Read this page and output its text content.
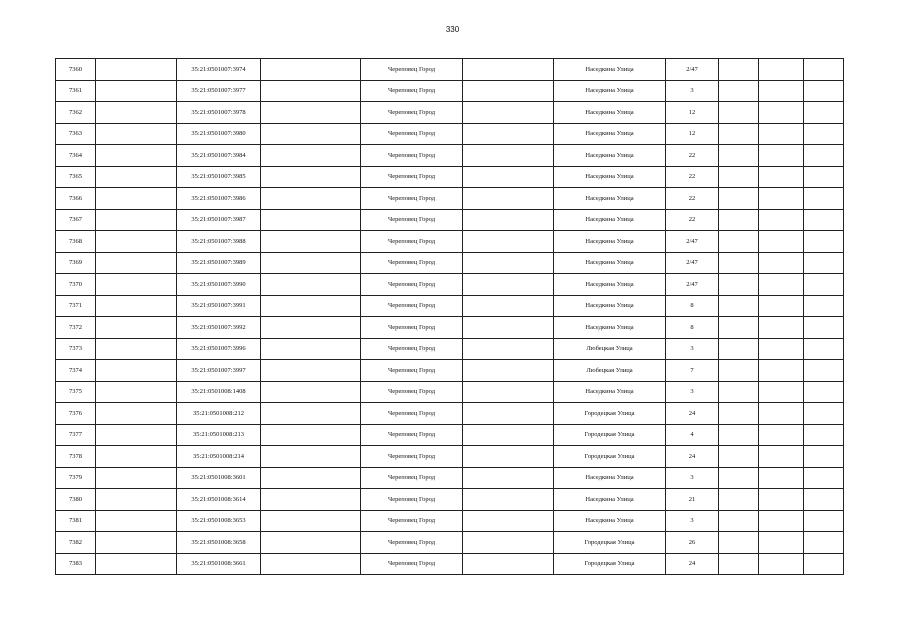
330
7360		35:21:0501007:3974		Череповец Город		Наседкина Улица	2/47			
7361		35:21:0501007:3977		Череповец Город		Наседкина Улица	3			
7362		35:21:0501007:3978		Череповец Город		Наседкина Улица	12			
7363		35:21:0501007:3980		Череповец Город		Наседкина Улица	12			
7364		35:21:0501007:3984		Череповец Город		Наседкина Улица	22			
7365		35:21:0501007:3985		Череповец Город		Наседкина Улица	22			
7366		35:21:0501007:3986		Череповец Город		Наседкина Улица	22			
7367		35:21:0501007:3987		Череповец Город		Наседкина Улица	22			
7368		35:21:0501007:3988		Череповец Город		Наседкина Улица	2/47			
7369		35:21:0501007:3989		Череповец Город		Наседкина Улица	2/47			
7370		35:21:0501007:3990		Череповец Город		Наседкина Улица	2/47			
7371		35:21:0501007:3991		Череповец Город		Наседкина Улица	8			
7372		35:21:0501007:3992		Череповец Город		Наседкина Улица	8			
7373		35:21:0501007:3996		Череповец Город		Любецкая Улица	3			
7374		35:21:0501007:3997		Череповец Город		Любецкая Улица	7			
7375		35:21:0501008:1408		Череповец Город		Наседкина Улица	3			
7376		35:21:0501008:212		Череповец Город		Городецкая Улица	24			
7377		35:21:0501008:213		Череповец Город		Городецкая Улица	4			
7378		35:21:0501008:214		Череповец Город		Городецкая Улица	24			
7379		35:21:0501008:3601		Череповец Город		Наседкина Улица	3			
7380		35:21:0501008:3614		Череповец Город		Наседкина Улица	21			
7381		35:21:0501008:3653		Череповец Город		Наседкина Улица	3			
7382		35:21:0501008:3658		Череповец Город		Городецкая Улица	26			
7383		35:21:0501008:3661		Череповец Город		Городецкая Улица	24			
